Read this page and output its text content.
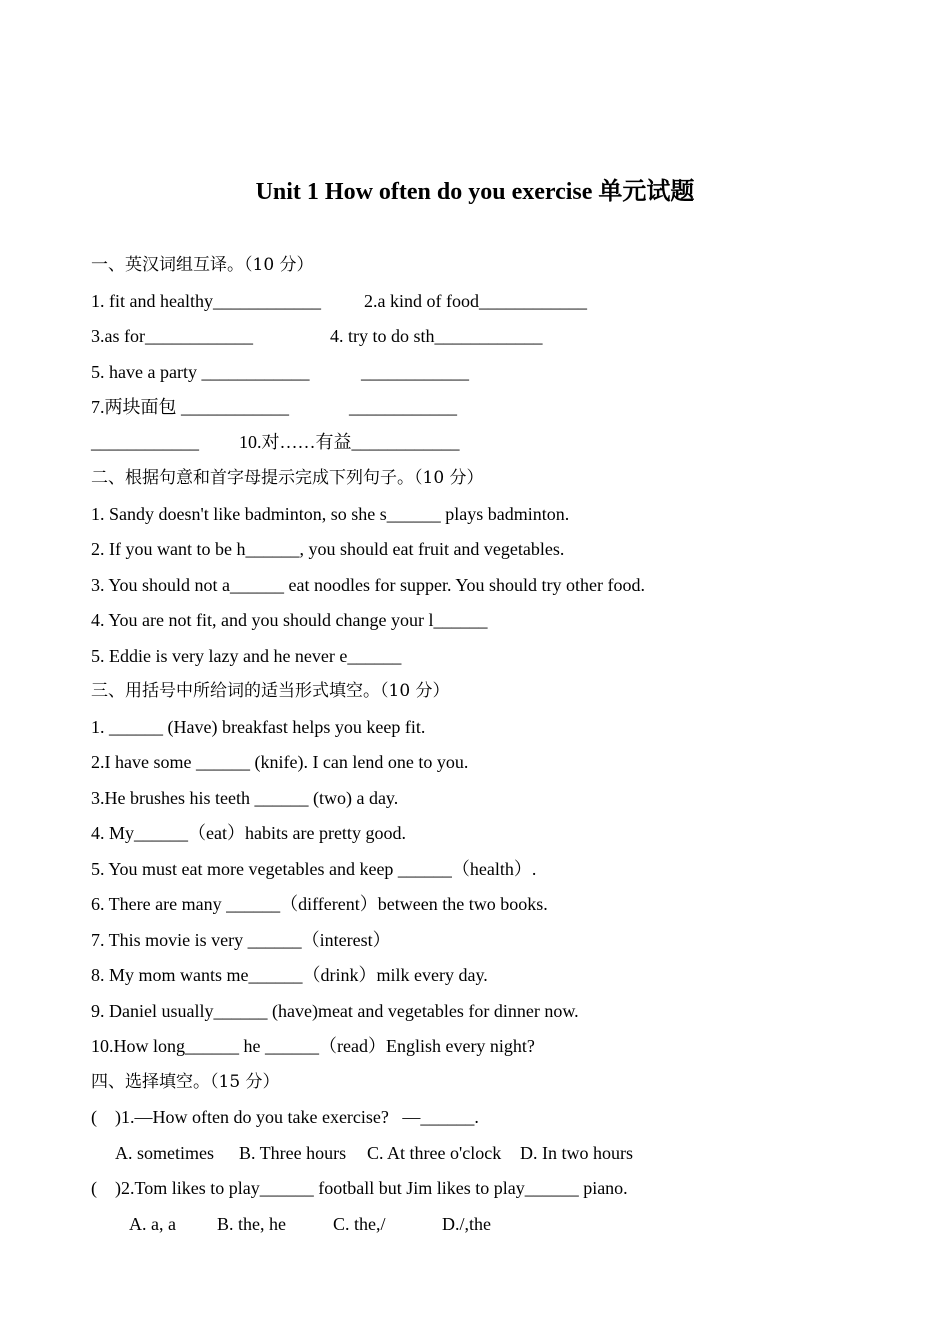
Unit 1 How often do you exercise 单元试题
一、英汉词组互译。（10 分）
1. fit and healthy____________ 2.a kind of food____________
3.as for____________	4. try to do sth____________
5. have a party ____________	____________
7.两块面包 ____________	____________
____________ 10.对……有益____________
二、根据句意和首字母提示完成下列句子。（10 分）
1. Sandy doesn't like badminton, so she s______ plays badminton.
2. If you want to be h______, you should eat fruit and vegetables.
3. You should not a______ eat noodles for supper. You should try other food.
4. You are not fit, and you should change your l______
5. Eddie is very lazy and he never e______
三、用括号中所给词的适当形式填空。（10 分）
1. ______ (Have) breakfast helps you keep fit.
2.I have some ______ (knife). I can lend one to you.
3.He brushes his teeth ______ (two) a day.
4. My______（eat）habits are pretty good.
5. You must eat more vegetables and keep ______（health）.
6. There are many ______（different）between the two books.
7. This movie is very ______（interest）
8. My mom wants me______（drink）milk every day.
9. Daniel usually______ (have)meat and vegetables for dinner now.
10.How long______ he ______（read）English every night?
四、选择填空。（15 分）
(    )1.—How often do you take exercise?   —______.
A. sometimes B. Three hours C. At three o'clock D. In two hours
(    )2.Tom likes to play______ football but Jim likes to play______ piano.
A. a, a B. the, he	C. the,/	D./,the
